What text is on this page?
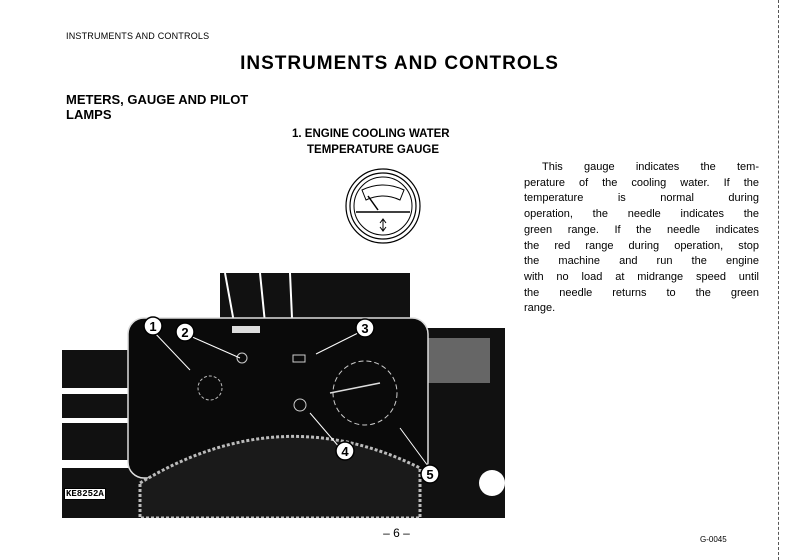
INSTRUMENTS AND CONTROLS
INSTRUMENTS AND CONTROLS
METERS, GAUGE AND PILOT
LAMPS
1. ENGINE COOLING WATER
TEMPERATURE GAUGE
This gauge indicates the tem-
perature of the cooling water. If the
temperature is normal during
operation, the needle indicates the
green range. If the needle indicates
the red range during operation, stop
the machine and run the engine
with no load at midrange speed until
the needle returns to the green
range.
1 2	3
4
5
KE8252A
– 6 –	G-0045
